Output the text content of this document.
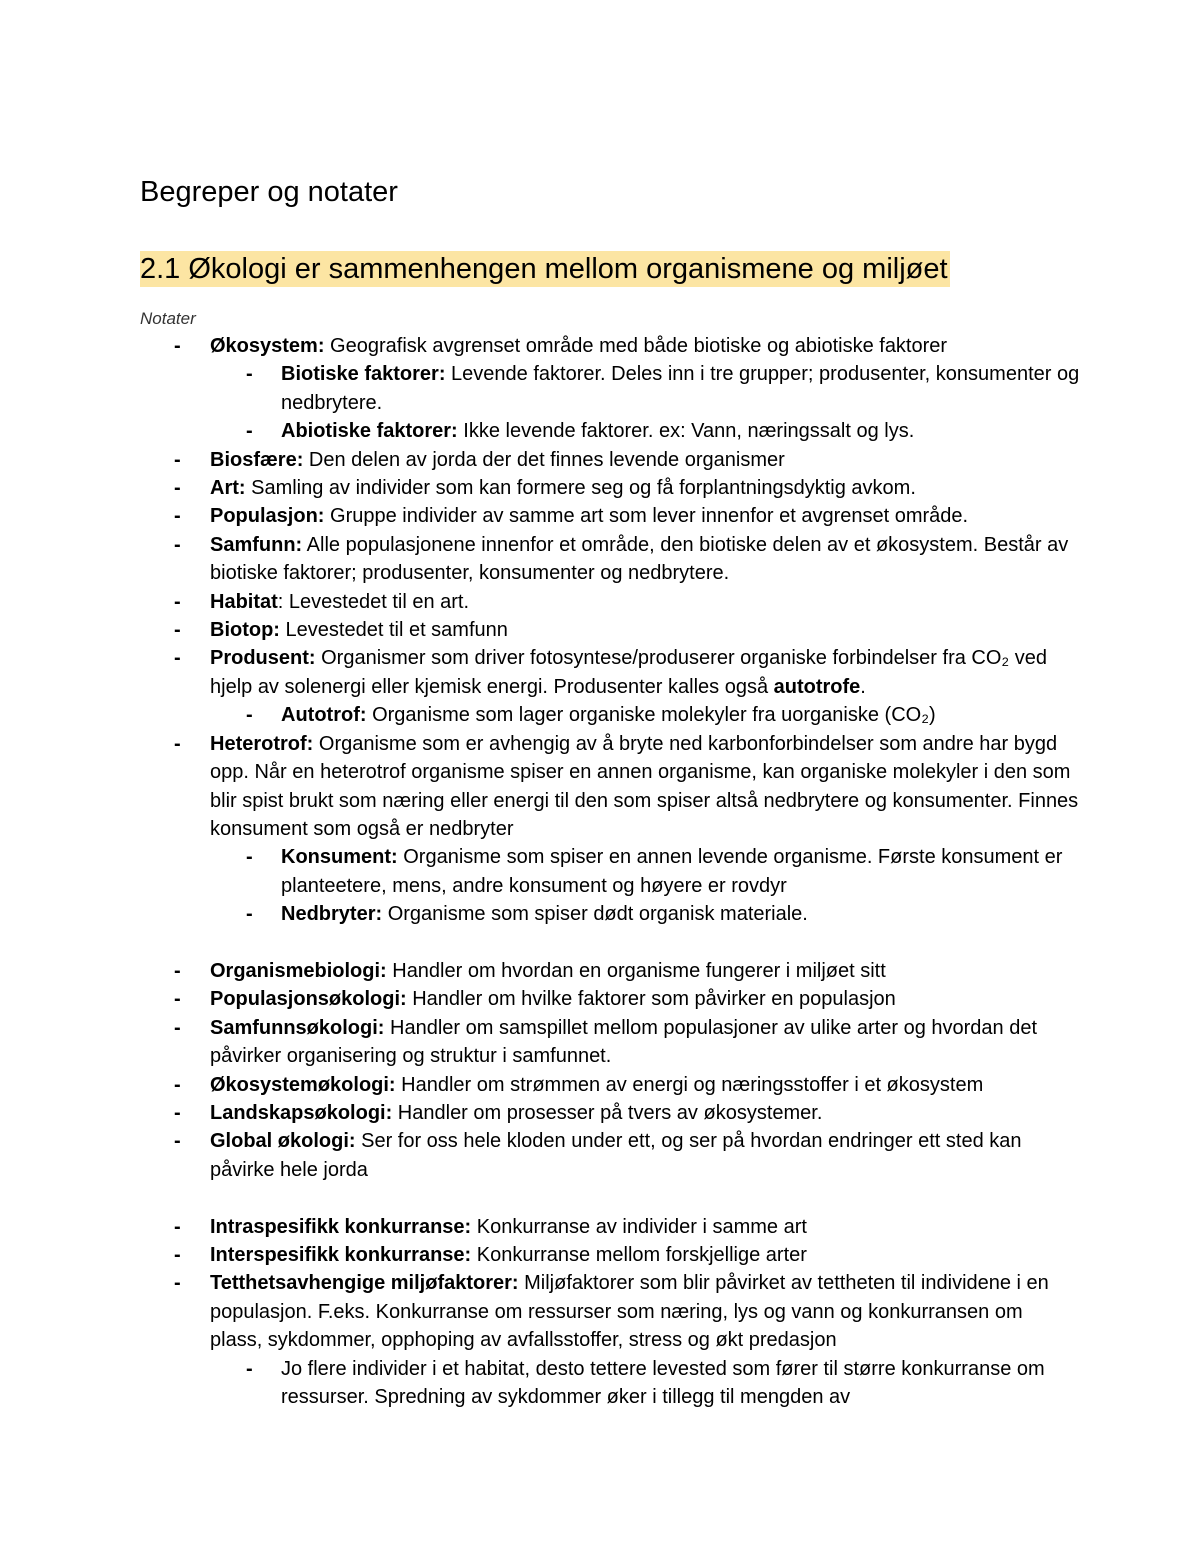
Begreper og notater
2.1 Økologi er sammenhengen mellom organismene og miljøet
Notater
- Økosystem: Geografisk avgrenset område med både biotiske og abiotiske faktorer
- Biotiske faktorer: Levende faktorer. Deles inn i tre grupper; produsenter, konsumenter og nedbrytere.
- Abiotiske faktorer: Ikke levende faktorer. ex: Vann, næringssalt og lys.
- Biosfære: Den delen av jorda der det finnes levende organismer
- Art: Samling av individer som kan formere seg og få forplantningsdyktig avkom.
- Populasjon: Gruppe individer av samme art som lever innenfor et avgrenset område.
- Samfunn: Alle populasjonene innenfor et område, den biotiske delen av et økosystem. Består av biotiske faktorer; produsenter, konsumenter og nedbrytere.
- Habitat: Levestedet til en art.
- Biotop: Levestedet til et samfunn
- Produsent: Organismer som driver fotosyntese/produserer organiske forbindelser fra CO₂ ved hjelp av solenergi eller kjemisk energi. Produsenter kalles også autotrofe.
- Autotrof: Organisme som lager organiske molekyler fra uorganiske (CO₂)
- Heterotrof: Organisme som er avhengig av å bryte ned karbonforbindelser som andre har bygd opp. Når en heterotrof organisme spiser en annen organisme, kan organiske molekyler i den som blir spist brukt som næring eller energi til den som spiser altså nedbrytere og konsumenter. Finnes konsument som også er nedbryter
- Konsument: Organisme som spiser en annen levende organisme. Første konsument er planteetere, mens, andre konsument og høyere er rovdyr
- Nedbryter: Organisme som spiser dødt organisk materiale.
- Organismebiologi: Handler om hvordan en organisme fungerer i miljøet sitt
- Populasjonsøkologi: Handler om hvilke faktorer som påvirker en populasjon
- Samfunnsøkologi: Handler om samspillet mellom populasjoner av ulike arter og hvordan det påvirker organisering og struktur i samfunnet.
- Økosystemøkologi: Handler om strømmen av energi og næringsstoffer i et økosystem
- Landskapsøkologi: Handler om prosesser på tvers av økosystemer.
- Global økologi: Ser for oss hele kloden under ett, og ser på hvordan endringer ett sted kan påvirke hele jorda
- Intraspesifikk konkurranse: Konkurranse av individer i samme art
- Interspesifikk konkurranse: Konkurranse mellom forskjellige arter
- Tetthetsavhengige miljøfaktorer: Miljøfaktorer som blir påvirket av tettheten til individene i en populasjon. F.eks. Konkurranse om ressurser som næring, lys og vann og konkurransen om plass, sykdommer, opphoping av avfallsstoffer, stress og økt predasjon
- Jo flere individer i et habitat, desto tettere levested som fører til større konkurranse om ressurser. Spredning av sykdommer øker i tillegg til mengden av
